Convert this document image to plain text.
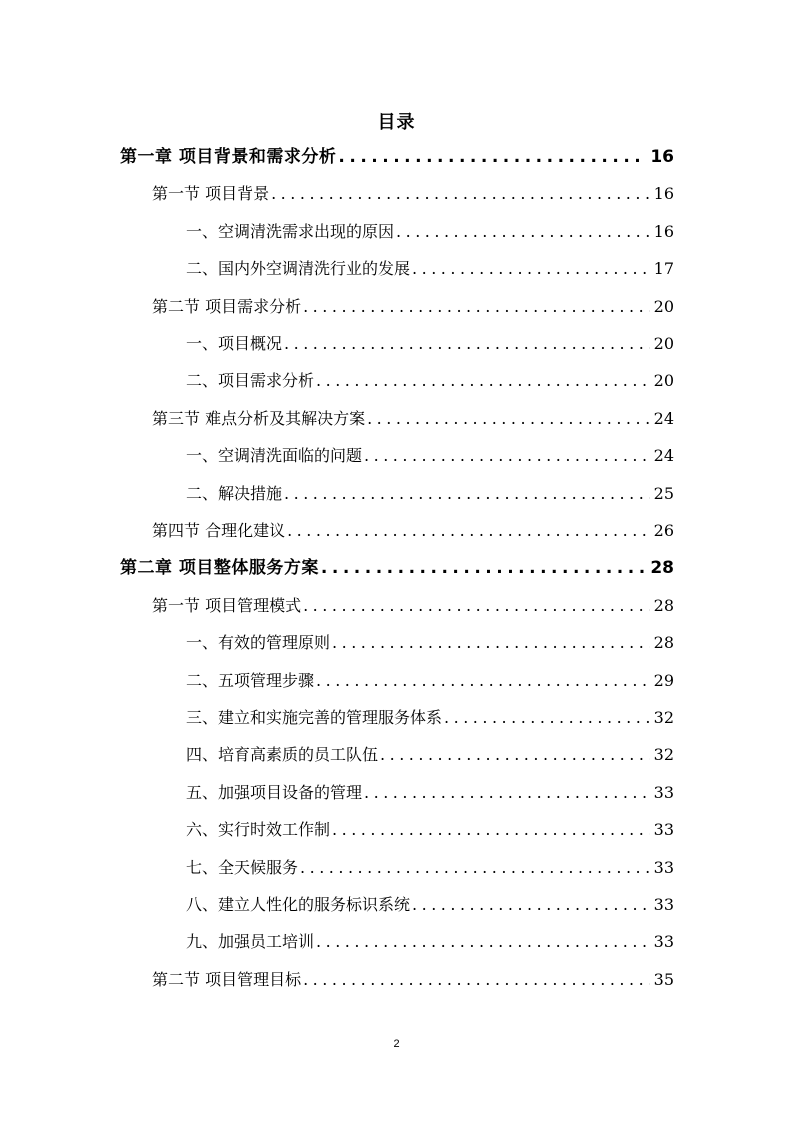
目录
第一章 项目背景和需求分析 .....	16
第一节 项目背景 .....	16
一、空调清洗需求出现的原因 .....	16
二、国内外空调清洗行业的发展 .....	17
第二节 项目需求分析 .....	20
一、项目概况 .....	20
二、项目需求分析 .....	20
第三节 难点分析及其解决方案 .....	24
一、空调清洗面临的问题 .....	24
二、解决措施 .....	25
第四节 合理化建议 .....	26
第二章 项目整体服务方案 .....	28
第一节 项目管理模式 .....	28
一、有效的管理原则 .....	28
二、五项管理步骤 .....	29
三、建立和实施完善的管理服务体系 .....	32
四、培育高素质的员工队伍 .....	32
五、加强项目设备的管理 .....	33
六、实行时效工作制 .....	33
七、全天候服务 .....	33
八、建立人性化的服务标识系统 .....	33
九、加强员工培训 .....	33
第二节 项目管理目标 .....	35
2
